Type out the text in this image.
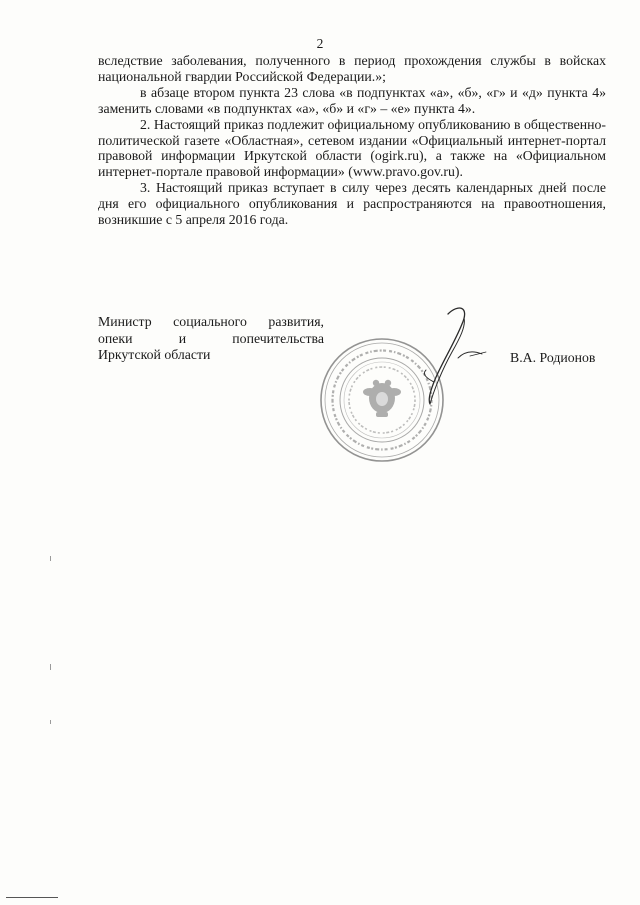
2

вследствие заболевания, полученного в период прохождения службы в войсках национальной гвардии Российской Федерации.»;

в абзаце втором пункта 23 слова «в подпунктах «а», «б», «г» и «д» пункта 4» заменить словами «в подпунктах «а», «б» и «г» – «е» пункта 4».

2. Настоящий приказ подлежит официальному опубликованию в общественно-политической газете «Областная», сетевом издании «Официальный интернет-портал правовой информации Иркутской области (ogirk.ru), а также на «Официальном интернет-портале правовой информации» (www.pravo.gov.ru).

3. Настоящий приказ вступает в силу через десять календарных дней после дня его официального опубликования и распространяются на правоотношения, возникшие с 5 апреля 2016 года.

Министр социального развития,
опеки и попечительства
Иркутской области	В.А. Родионов
